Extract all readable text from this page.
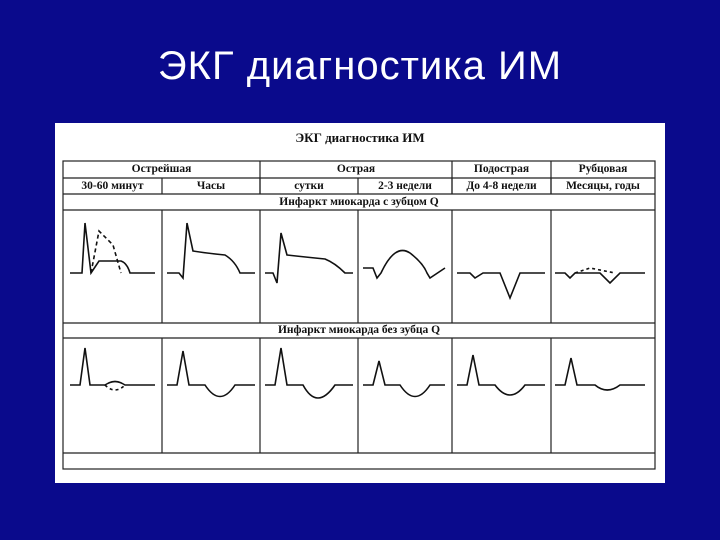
ЭКГ диагностика ИМ
ЭКГ диагностика ИМ
Острейшая	Острая	Подострая	Рубцовая
30-60 минут	Часы	сутки	2-3 недели	До 4-8 недели	Месяцы, годы
Инфаркт миокарда с зубцом Q
Инфаркт миокарда без зубца Q
